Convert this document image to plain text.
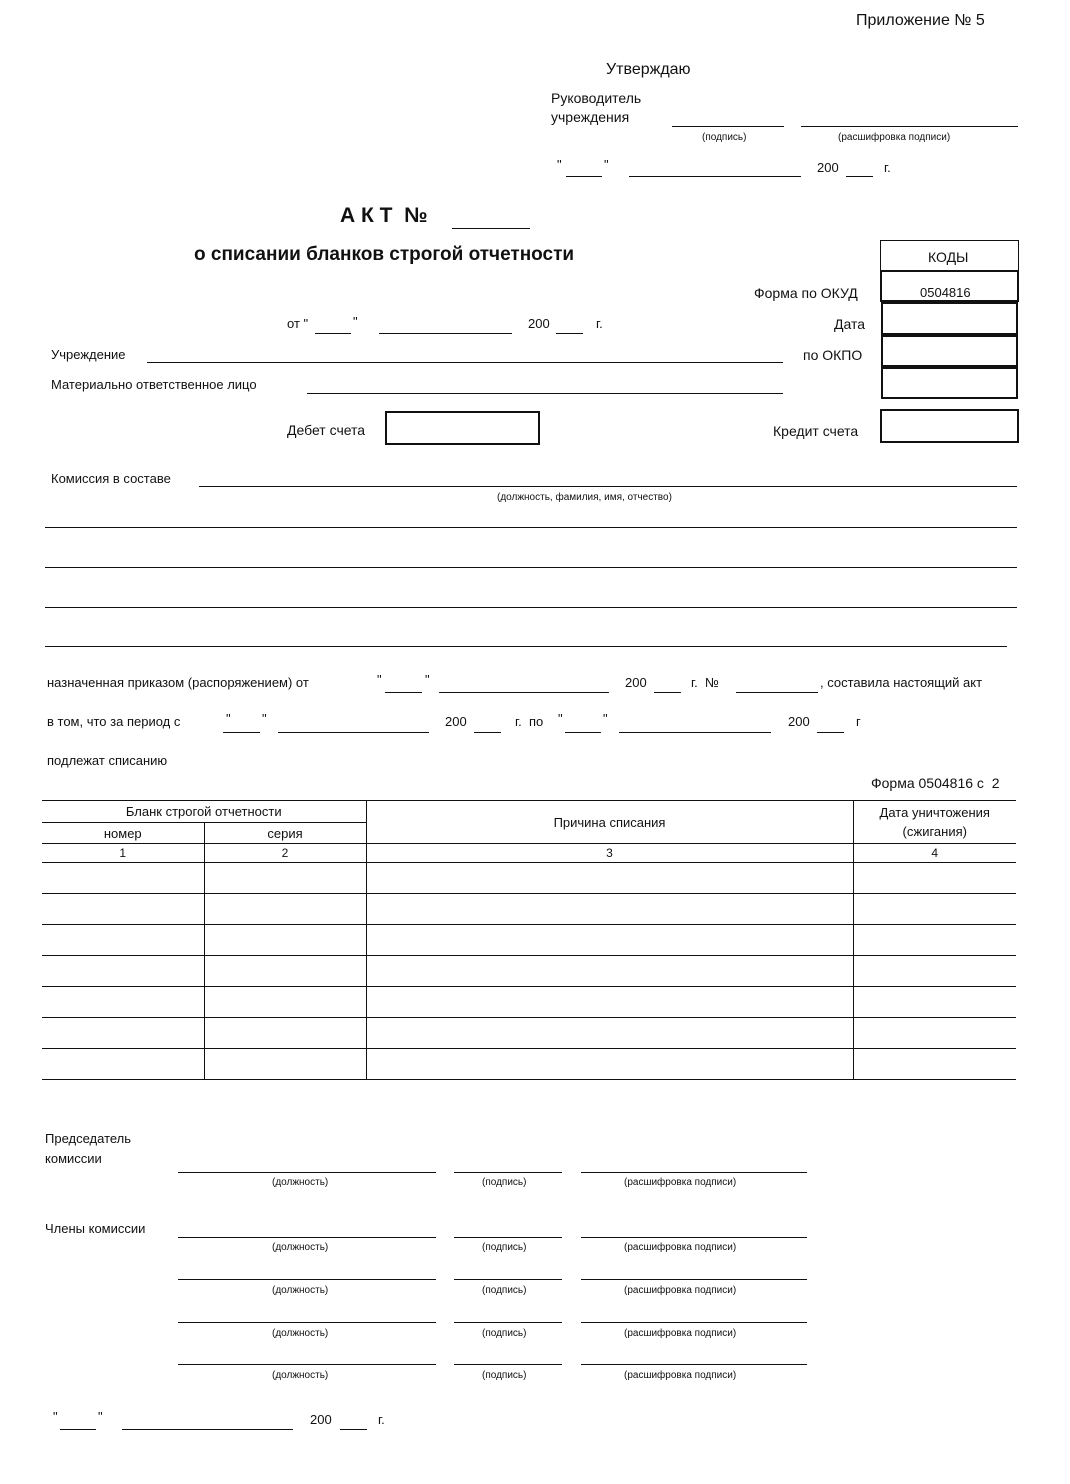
Приложение № 5
Утверждаю
Руководитель
учреждения
(подпись)	(расшифровка подписи)
"	"	200	г.
А К Т  №
о списании бланков строгой отчетности	КОДЫ
0504816
Форма по ОКУД
Дата
по ОКПО
от "	"	200	г.
Учреждение
Материально ответственное лицо
Дебет счета	Кредит счета
Комиссия в составе
(должность, фамилия, имя, отчество)
назначенная приказом (распоряжением) от	"	"	200	г.  №	, составила настоящий акт
в том, что за период с	" "	200	г.  по "	"	200	г
подлежат списанию
Форма 0504816 с  2
Бланк строгой отчетности		Причина списания	Дата уничтожения (сжигания)
номер	серия		
1	2	3	4

Председатель
комиссии
(должность)	(подпись)	(расшифровка подписи)
Члены комиссии
(должность)	(подпись)	(расшифровка подписи)
(должность)	(подпись)	(расшифровка подписи)
(должность)	(подпись)	(расшифровка подписи)
(должность)	(подпись)	(расшифровка подписи)
"	"	200	г.
